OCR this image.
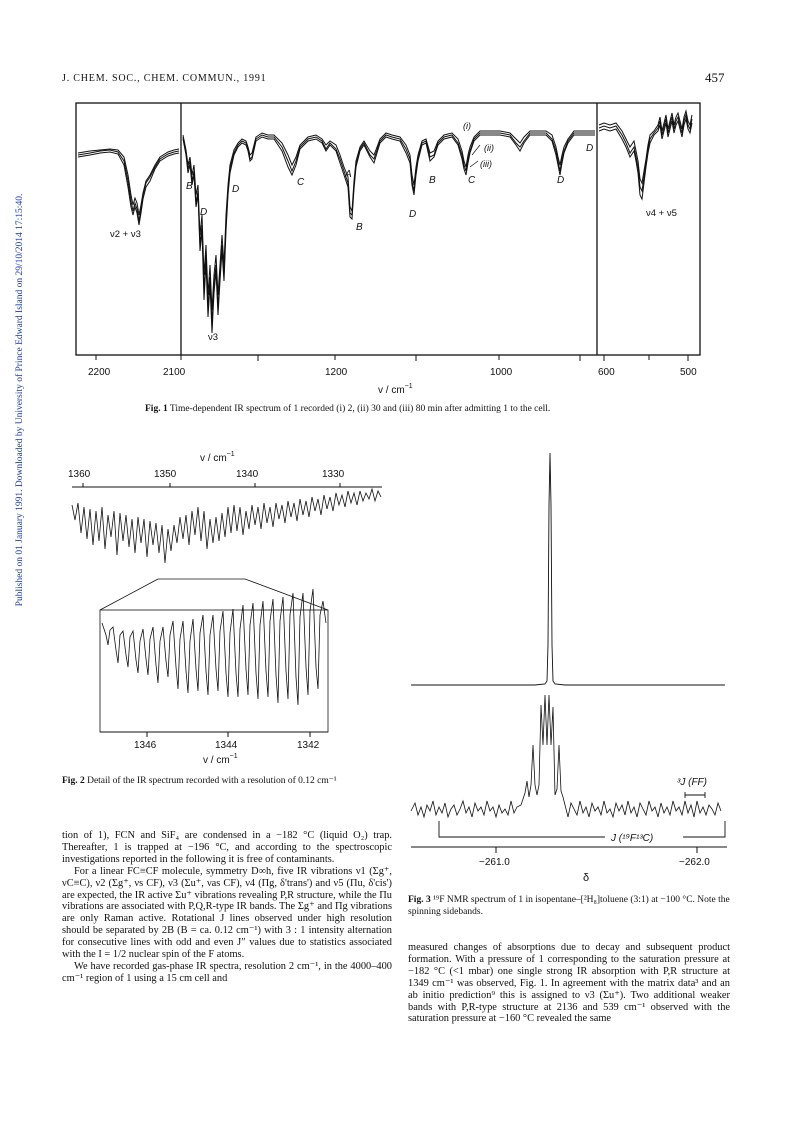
J. CHEM. SOC., CHEM. COMMUN., 1991	457
Published on 01 January 1991. Downloaded by University of Prince Edward Island on 29/10/2014 17:15:40.	2200	2100	1200	1000	600	500
v / $cm^{-1}$
B	D
D
C
A
B
D
B	C	D
D
(i)
(ii)
(iii)
ν2 + ν3
ν3
ν4 + ν5
Fig. 1 Time-dependent IR spectrum of 1 recorded (i) 2, (ii) 30 and (iii) 80 min after admitting 1 to the cell.
v / $cm^{-1}$
1360	1350	1340	1330
1346	1344	1342
v / $cm^{-1}$
Fig. 2 Detail of the IR spectrum recorded with a resolution of 0.12 cm⁻¹	³J (FF)
J (¹⁹F¹³C)
−261.0	−262.0
δ
Fig. 3 ¹⁹F NMR spectrum of 1 in isopentane–[²H₈]toluene (3:1) at −100 °C. Note the spinning sidebands.

tion of 1), FCN and SiF₄ are condensed in a −182 °C (liquid O₂) trap. Thereafter, 1 is trapped at −196 °C, and according to the spectroscopic investigations reported in the following it is free of contaminants.

For a linear FC≡CF molecule, symmetry D∞h, five IR vibrations ν1 (Σg⁺, νC≡C), ν2 (Σg⁺, νs CF), ν3 (Σu⁺, νas CF), ν4 (Πg, δ'trans') and ν5 (Πu, δ'cis') are expected, the IR active Σu⁺ vibrations revealing P,R structure, while the Πu vibrations are associated with P,Q,R-type IR bands. The Σg⁺ and Πg vibrations are only Raman active. Rotational J lines observed under high resolution should be separated by 2B (B = ca. 0.12 cm⁻¹) with 3 : 1 intensity alternation for consecutive lines with odd and even J″ values due to statistics associated with the I = 1/2 nuclear spin of the F atoms.

We have recorded gas-phase IR spectra, resolution 2 cm⁻¹, in the 4000–400 cm⁻¹ region of 1 using a 15 cm cell and

measured changes of absorptions due to decay and subsequent product formation. With a pressure of 1 corresponding to the saturation pressure at −182 °C (<1 mbar) one single strong IR absorption with P,R structure at 1349 cm⁻¹ was observed, Fig. 1. In agreement with the matrix data³ and an ab initio prediction⁹ this is assigned to ν3 (Σu⁺). Two additional weaker bands with P,R-type structure at 2136 and 539 cm⁻¹ observed with the saturation pressure at −160 °C revealed the same
